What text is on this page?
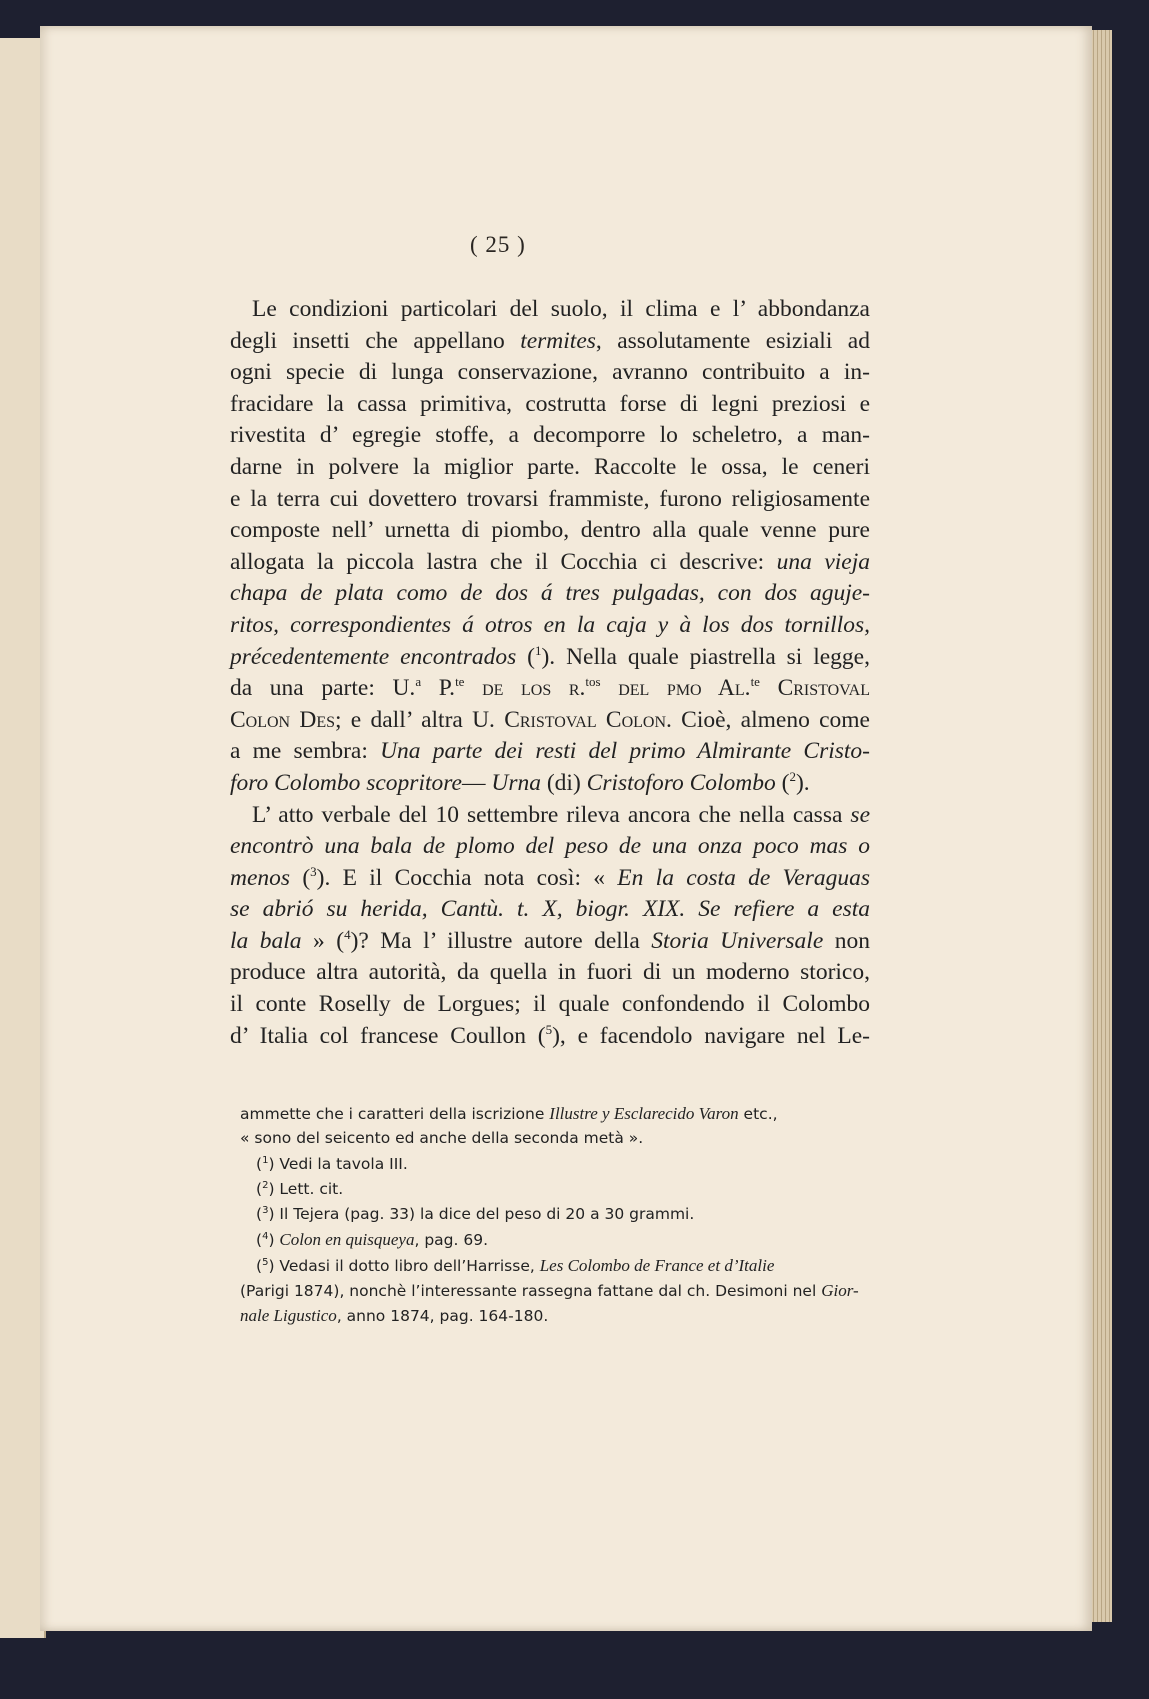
( 25 )
Le condizioni particolari del suolo, il clima e l’ abbondanza
degli insetti che appellano termites, assolutamente esiziali ad
ogni specie di lunga conservazione, avranno contribuito a in-
fracidare la cassa primitiva, costrutta forse di legni preziosi e
rivestita d’ egregie stoffe, a decomporre lo scheletro, a man-
darne in polvere la miglior parte. Raccolte le ossa, le ceneri
e la terra cui dovettero trovarsi frammiste, furono religiosamente
composte nell’ urnetta di piombo, dentro alla quale venne pure
allogata la piccola lastra che il Cocchia ci descrive: una vieja
chapa de plata como de dos á tres pulgadas, con dos aguje-
ritos, correspondientes á otros en la caja y à los dos tornillos,
précedentemente encontrados ($^1$). Nella quale piastrella si legge,
da una parte: U.$^a$ P.$^{te}$ de los r.$^{tos}$ del pmo Al.$^{te}$ Cristoval
Colon Des; e dall’ altra U. Cristoval Colon. Cioè, almeno come
a me sembra: Una parte dei resti del primo Almirante Cristo-
foro Colombo scopritore— Urna (di) Cristoforo Colombo ($^2$).
L’ atto verbale del 10 settembre rileva ancora che nella cassa se
encontrò una bala de plomo del peso de una onza poco mas o
menos ($^3$). E il Cocchia nota così: « En la costa de Veraguas
se abrió su herida, Cantù. t. X, biogr. XIX. Se refiere a esta
la bala » ($^4$)? Ma l’ illustre autore della Storia Universale non
produce altra autorità, da quella in fuori di un moderno storico,
il conte Roselly de Lorgues; il quale confondendo il Colombo
d’ Italia col francese Coullon ($^5$), e facendolo navigare nel Le-
ammette che i caratteri della iscrizione Illustre y Esclarecido Varon etc.,
« sono del seicento ed anche della seconda metà ».
($^1$) Vedi la tavola III.
($^2$) Lett. cit.
($^3$) Il Tejera (pag. 33) la dice del peso di 20 a 30 grammi.
($^4$) Colon en quisqueya, pag. 69.
($^5$) Vedasi il dotto libro dell’Harrisse, Les Colombo de France et d’Italie
(Parigi 1874), nonchè l’interessante rassegna fattane dal ch. Desimoni nel Gior-
nale Ligustico, anno 1874, pag. 164-180.
